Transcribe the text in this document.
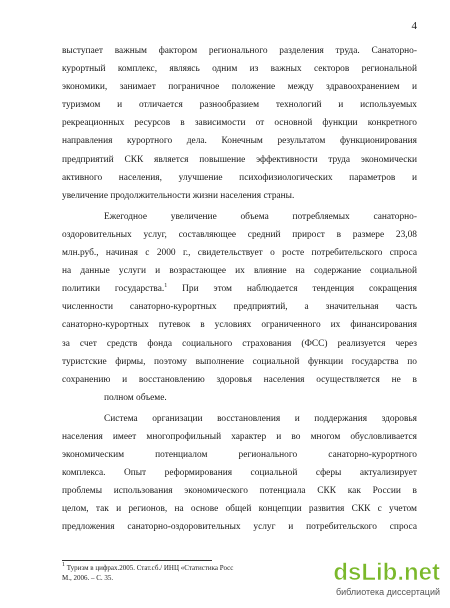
4
выступает важным фактором регионального разделения труда. Санаторно-
курортный комплекс, являясь одним из важных секторов региональной
экономики, занимает пограничное положение между здравоохранением и
туризмом и отличается разнообразием технологий и используемых
рекреационных ресурсов в зависимости от основной функции конкретного
направления курортного дела. Конечным результатом функционирования
предприятий СКК является повышение эффективности труда экономически
активного населения, улучшение психофизиологических параметров и
увеличение продолжительности жизни населения страны.
Ежегодное увеличение объема потребляемых санаторно-
оздоровительных услуг, составляющее средний прирост в размере 23,08
млн.руб., начиная с 2000 г., свидетельствует о росте потребительского спроса
на данные услуги и возрастающее их влияние на содержание социальной
политики государства.$^1$ При этом наблюдается тенденция сокращения
численности санаторно-курортных предприятий, а значительная часть
санаторно-курортных путевок в условиях ограниченного их финансирования
за счет средств фонда социального страхования (ФСС) реализуется через
туристские фирмы, поэтому выполнение социальной функции государства по
сохранению и восстановлению здоровья населения осуществляется не в
полном объеме.
Система организации восстановления и поддержания здоровья
населения имеет многопрофильный характер и во многом обусловливается
экономическим потенциалом регионального санаторно-курортного
комплекса. Опыт реформирования социальной сферы актуализирует
проблемы использования экономического потенциала СКК как России в
целом, так и регионов, на основе общей концепции развития СКК с учетом
предложения санаторно-оздоровительных услуг и потребительского спроса
$^1$ Туризм в цифрах.2005. Стат.сб./ ИНЦ «Статистика Росс
М., 2006. – С. 35.	dsLib.net
библиотека диссертаций
